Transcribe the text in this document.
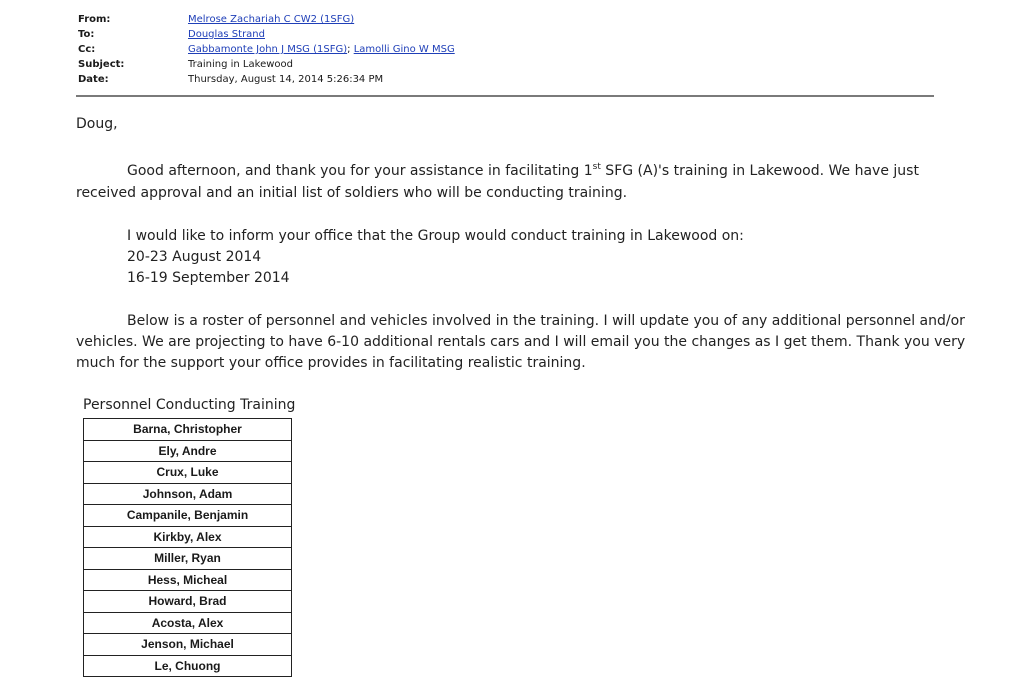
From:	Melrose Zachariah C CW2 (1SFG)
To:	Douglas Strand
Cc:	Gabbamonte John J MSG (1SFG); Lamolli Gino W MSG
Subject:	Training in Lakewood
Date:	Thursday, August 14, 2014 5:26:34 PM
Doug,
Good afternoon, and thank you for your assistance in facilitating 1st SFG (A)'s training in Lakewood. We have just
received approval and an initial list of soldiers who will be conducting training.
I would like to inform your office that the Group would conduct training in Lakewood on:
20-23 August 2014
16-19 September 2014
Below is a roster of personnel and vehicles involved in the training. I will update you of any additional personnel and/or
vehicles. We are projecting to have 6-10 additional rentals cars and I will email you the changes as I get them. Thank you very
much for the support your office provides in facilitating realistic training.
Personnel Conducting Training
Barna, Christopher
Ely, Andre
Crux, Luke
Johnson, Adam
Campanile, Benjamin
Kirkby, Alex
Miller, Ryan
Hess, Micheal
Howard, Brad
Acosta, Alex
Jenson, Michael
Le, Chuong
